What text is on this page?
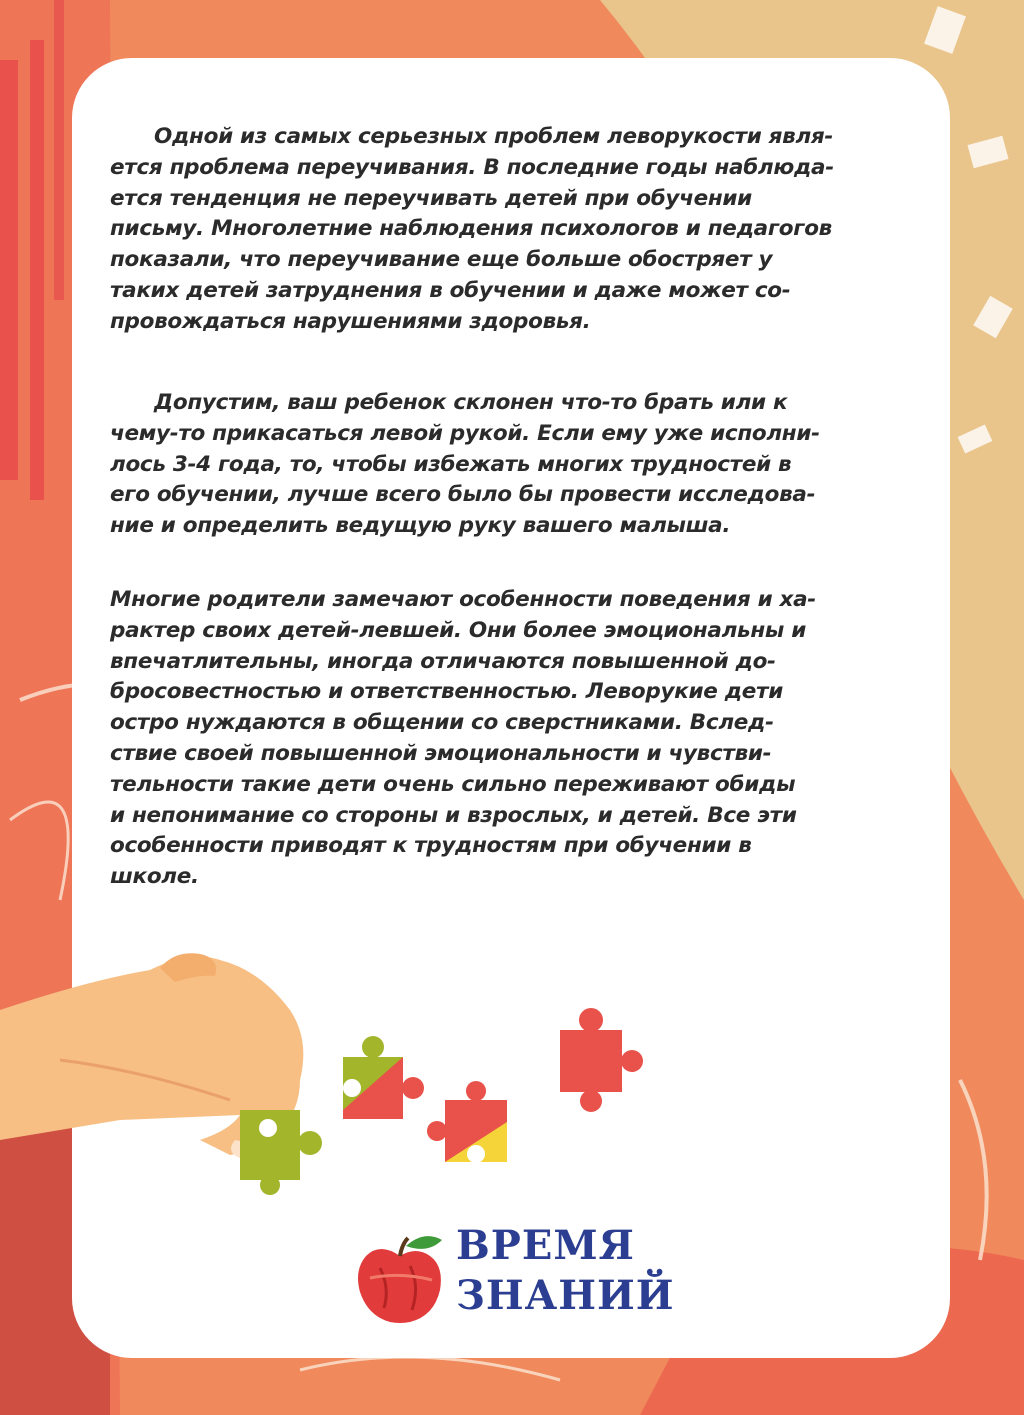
Одной из самых серьезных проблем леворукости явля-
ется проблема переучивания. В последние годы наблюда-
ется тенденция не переучивать детей при обучении
письму. Многолетние наблюдения психологов и педагогов
показали, что переучивание еще больше обостряет у
таких детей затруднения в обучении и даже может со-
провождаться нарушениями здоровья.
Допустим, ваш ребенок склонен что-то брать или к
чему-то прикасаться левой рукой. Если ему уже исполни-
лось 3-4 года, то, чтобы избежать многих трудностей в
его обучении, лучше всего было бы провести исследова-
ние и определить ведущую руку вашего малыша.
Многие родители замечают особенности поведения и ха-
рактер своих детей-левшей. Они более эмоциональны и
впечатлительны, иногда отличаются повышенной до-
бросовестностью и ответственностью. Леворукие дети
остро нуждаются в общении со сверстниками. Вслед-
ствие своей повышенной эмоциональности и чувстви-
тельности такие дети очень сильно переживают обиды
и непонимание со стороны и взрослых, и детей. Все эти
особенности приводят к трудностям при обучении в
школе.
ВРЕМЯ
ЗНАНИЙ
